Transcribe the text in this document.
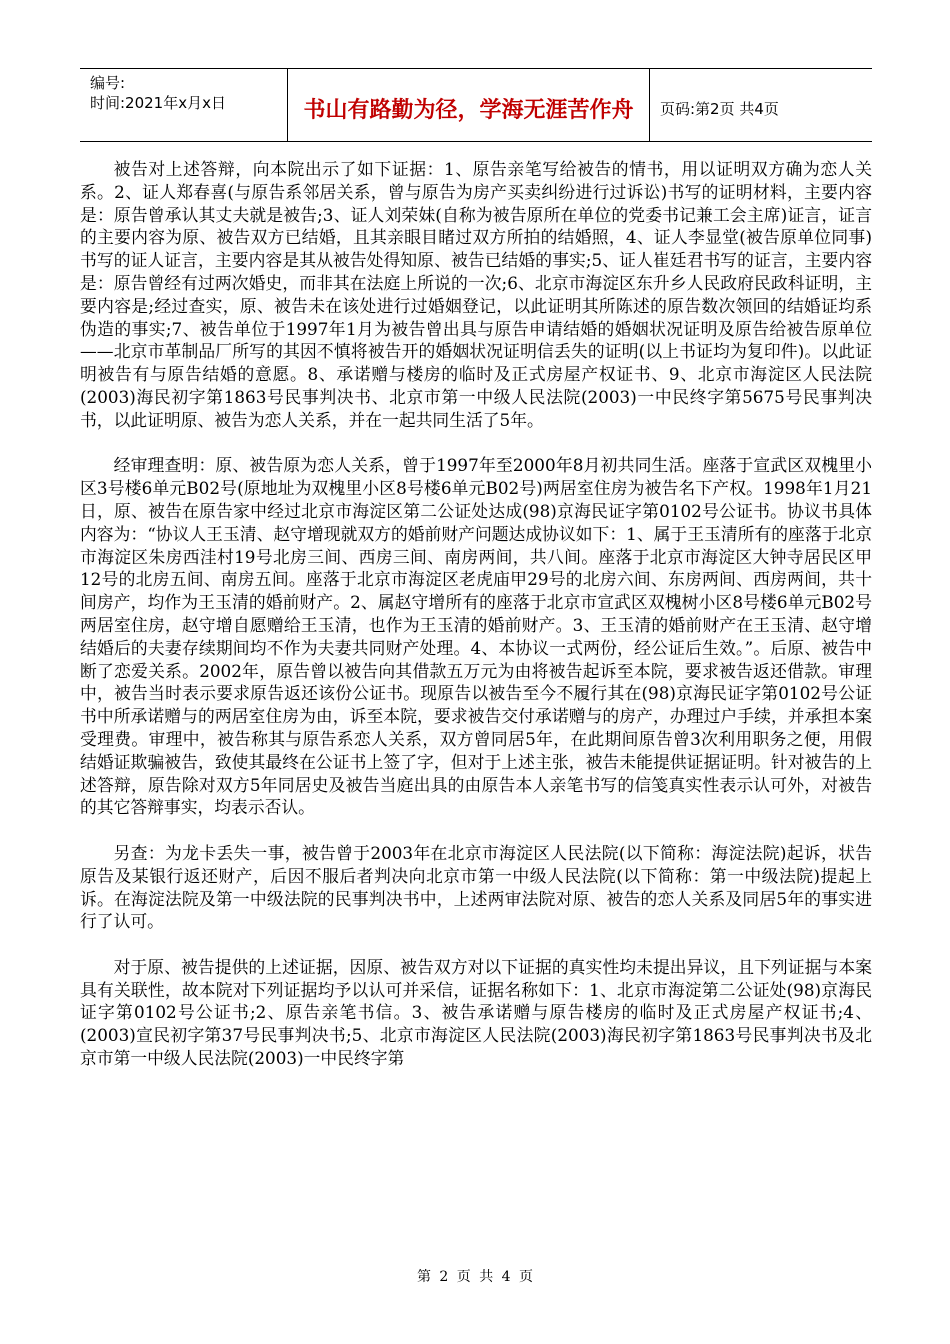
编号:
时间:2021年x月x日	书山有路勤为径，学海无涯苦作舟	页码:第2页 共4页

被告对上述答辩，向本院出示了如下证据：1、原告亲笔写给被告的情书，用以证明双方确为恋人关系。2、证人郑春喜(与原告系邻居关系，曾与原告为房产买卖纠纷进行过诉讼)书写的证明材料，主要内容是：原告曾承认其丈夫就是被告;3、证人刘荣妹(自称为被告原所在单位的党委书记兼工会主席)证言，证言的主要内容为原、被告双方已结婚，且其亲眼目睹过双方所拍的结婚照，4、证人李显堂(被告原单位同事)书写的证人证言，主要内容是其从被告处得知原、被告已结婚的事实;5、证人崔廷君书写的证言，主要内容是：原告曾经有过两次婚史，而非其在法庭上所说的一次;6、北京市海淀区东升乡人民政府民政科证明，主要内容是;经过查实，原、被告未在该处进行过婚姻登记，以此证明其所陈述的原告数次领回的结婚证均系伪造的事实;7、被告单位于1997年1月为被告曾出具与原告申请结婚的婚姻状况证明及原告给被告原单位——北京市革制品厂所写的其因不慎将被告开的婚姻状况证明信丢失的证明(以上书证均为复印件)。以此证明被告有与原告结婚的意愿。8、承诺赠与楼房的临时及正式房屋产权证书、9、北京市海淀区人民法院(2003)海民初字第1863号民事判决书、北京市第一中级人民法院(2003)一中民终字第5675号民事判决书，以此证明原、被告为恋人关系，并在一起共同生活了5年。

经审理查明：原、被告原为恋人关系，曾于1997年至2000年8月初共同生活。座落于宣武区双槐里小区3号楼6单元B02号(原地址为双槐里小区8号楼6单元B02号)两居室住房为被告名下产权。1998年1月21日，原、被告在原告家中经过北京市海淀区第二公证处达成(98)京海民证字第0102号公证书。协议书具体内容为：“协议人王玉清、赵守增现就双方的婚前财产问题达成协议如下：1、属于王玉清所有的座落于北京市海淀区朱房西洼村19号北房三间、西房三间、南房两间，共八间。座落于北京市海淀区大钟寺居民区甲12号的北房五间、南房五间。座落于北京市海淀区老虎庙甲29号的北房六间、东房两间、西房两间，共十间房产，均作为王玉清的婚前财产。2、属赵守增所有的座落于北京市宣武区双槐树小区8号楼6单元B02号两居室住房，赵守增自愿赠给王玉清，也作为王玉清的婚前财产。3、王玉清的婚前财产在王玉清、赵守增结婚后的夫妻存续期间均不作为夫妻共同财产处理。4、本协议一式两份，经公证后生效。”。后原、被告中断了恋爱关系。2002年，原告曾以被告向其借款五万元为由将被告起诉至本院，要求被告返还借款。审理中，被告当时表示要求原告返还该份公证书。现原告以被告至今不履行其在(98)京海民证字第0102号公证书中所承诺赠与的两居室住房为由，诉至本院，要求被告交付承诺赠与的房产，办理过户手续，并承担本案受理费。审理中，被告称其与原告系恋人关系，双方曾同居5年，在此期间原告曾3次利用职务之便，用假结婚证欺骗被告，致使其最终在公证书上签了字，但对于上述主张，被告未能提供证据证明。针对被告的上述答辩，原告除对双方5年同居史及被告当庭出具的由原告本人亲笔书写的信笺真实性表示认可外，对被告的其它答辩事实，均表示否认。

另查：为龙卡丢失一事，被告曾于2003年在北京市海淀区人民法院(以下简称：海淀法院)起诉，状告原告及某银行返还财产，后因不服后者判决向北京市第一中级人民法院(以下简称：第一中级法院)提起上诉。在海淀法院及第一中级法院的民事判决书中，上述两审法院对原、被告的恋人关系及同居5年的事实进行了认可。

对于原、被告提供的上述证据，因原、被告双方对以下证据的真实性均未提出异议，且下列证据与本案具有关联性，故本院对下列证据均予以认可并采信，证据名称如下：1、北京市海淀第二公证处(98)京海民证字第0102号公证书;2、原告亲笔书信。3、被告承诺赠与原告楼房的临时及正式房屋产权证书;4、(2003)宣民初字第37号民事判决书;5、北京市海淀区人民法院(2003)海民初字第1863号民事判决书及北京市第一中级人民法院(2003)一中民终字第

第 2 页 共 4 页
